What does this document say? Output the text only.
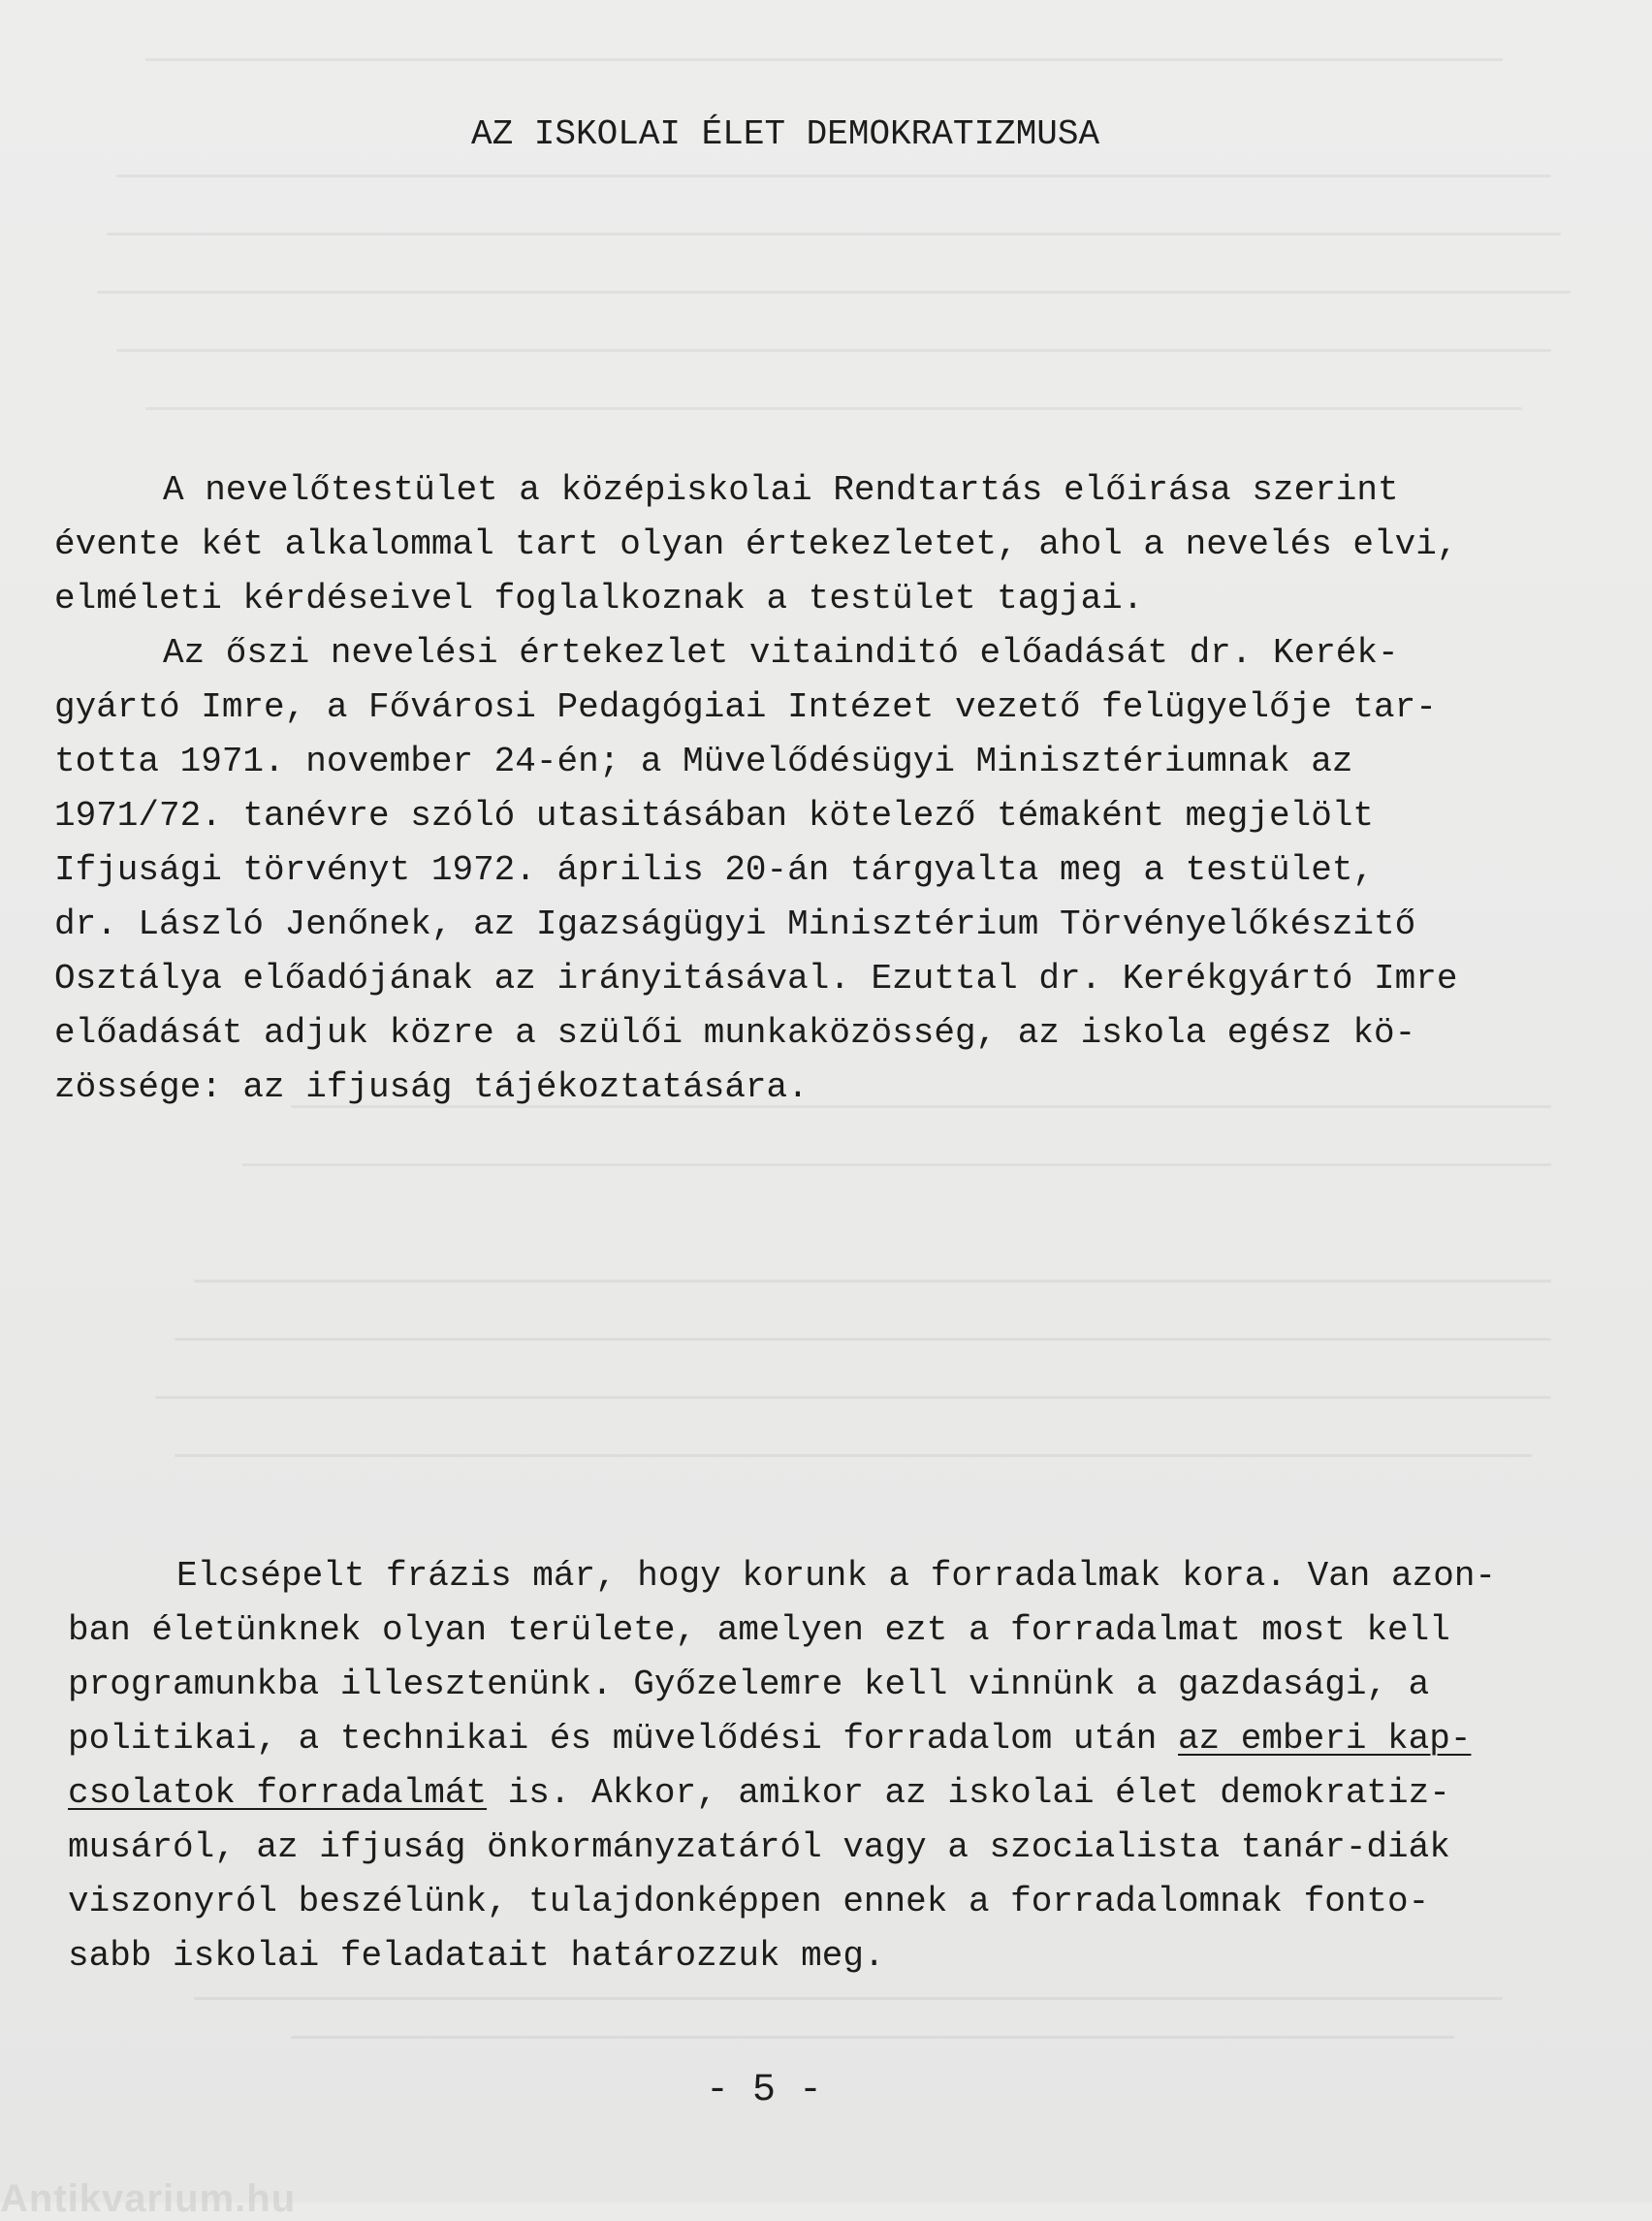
AZ ISKOLAI ÉLET DEMOKRATIZMUSA

A nevelőtestület a középiskolai Rendtartás előirása szerint
évente két alkalommal tart olyan értekezletet, ahol a nevelés elvi,
elméleti kérdéseivel foglalkoznak a testület tagjai.

Az őszi nevelési értekezlet vitainditó előadását dr. Kerék-
gyártó Imre, a Fővárosi Pedagógiai Intézet vezető felügyelője tar-
totta 1971. november 24-én; a Müvelődésügyi Minisztériumnak az
1971/72. tanévre szóló utasitásában kötelező témaként megjelölt
Ifjusági törvényt 1972. április 20-án tárgyalta meg a testület,
dr. László Jenőnek, az Igazságügyi Minisztérium Törvényelőkészitő
Osztálya előadójának az irányitásával. Ezuttal dr. Kerékgyártó Imre
előadását adjuk közre a szülői munkaközösség, az iskola egész kö-
zössége: az ifjuság tájékoztatására.

Elcsépelt frázis már, hogy korunk a forradalmak kora. Van azon-
ban életünknek olyan területe, amelyen ezt a forradalmat most kell
programunkba illesztenünk. Győzelemre kell vinnünk a gazdasági, a
politikai, a technikai és müvelődési forradalom után az emberi kap-
csolatok forradalmát is. Akkor, amikor az iskolai élet demokratiz-
musáról, az ifjuság önkormányzatáról vagy a szocialista tanár-diák
viszonyról beszélünk, tulajdonképpen ennek a forradalomnak fonto-
sabb iskolai feladatait határozzuk meg.

- 5 -
Antikvarium.hu
